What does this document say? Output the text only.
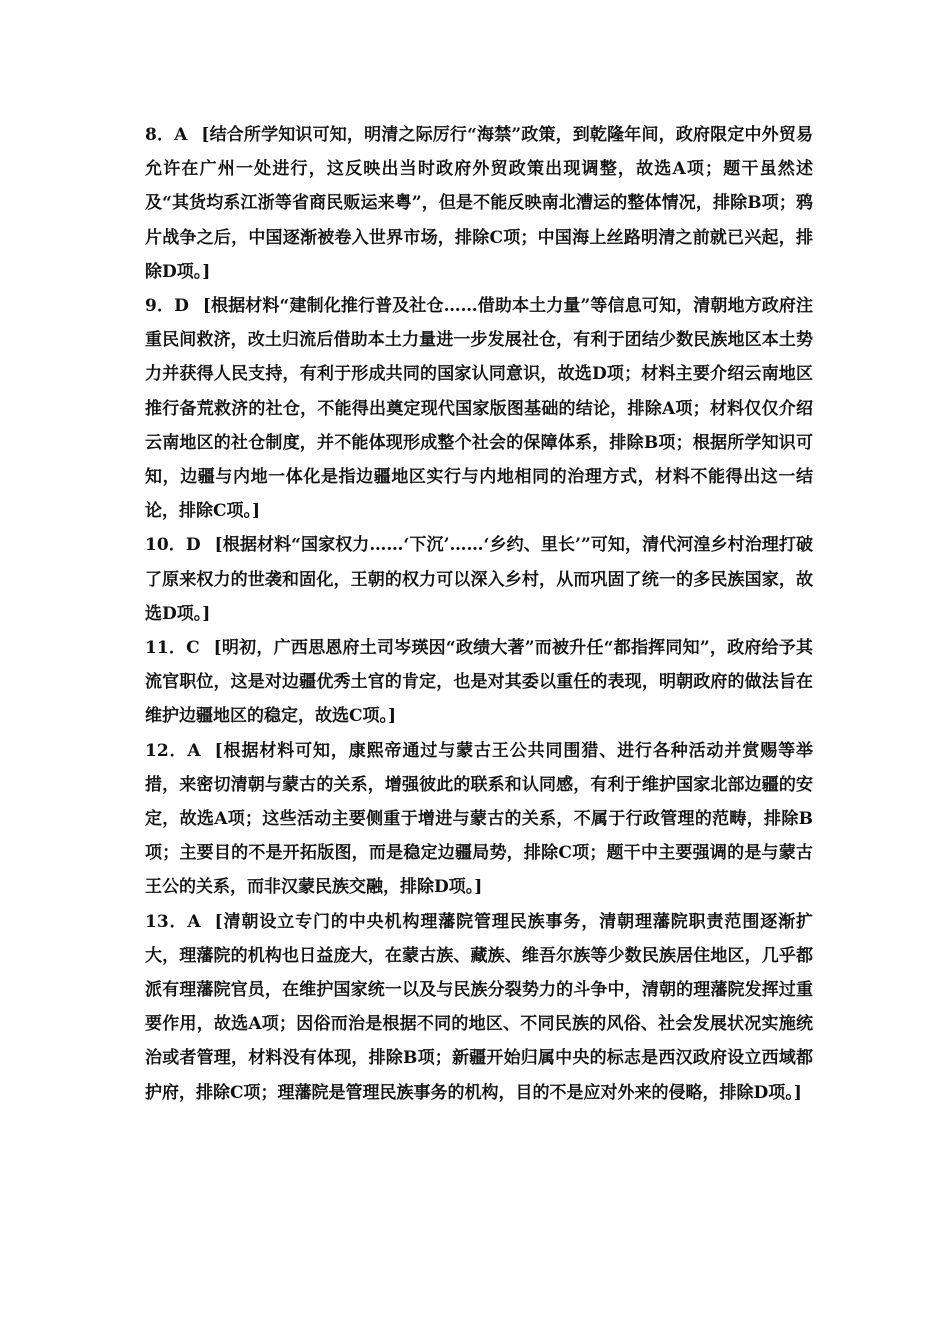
8．A [结合所学知识可知，明清之际厉行“海禁”政策，到乾隆年间，政府限定中外贸易允许在广州一处进行，这反映出当时政府外贸政策出现调整，故选A项；题干虽然述及“其货均系江浙等省商民贩运来粤”，但是不能反映南北漕运的整体情况，排除B项；鸦片战争之后，中国逐渐被卷入世界市场，排除C项；中国海上丝路明清之前就已兴起，排除D项。]

9．D [根据材料“建制化推行普及社仓……借助本土力量”等信息可知，清朝地方政府注重民间救济，改土归流后借助本土力量进一步发展社仓，有利于团结少数民族地区本土势力并获得人民支持，有利于形成共同的国家认同意识，故选D项；材料主要介绍云南地区推行备荒救济的社仓，不能得出奠定现代国家版图基础的结论，排除A项；材料仅仅介绍云南地区的社仓制度，并不能体现形成整个社会的保障体系，排除B项；根据所学知识可知，边疆与内地一体化是指边疆地区实行与内地相同的治理方式，材料不能得出这一结论，排除C项。]

10．D [根据材料“国家权力……‘下沉’……‘乡约、里长’”可知，清代河湟乡村治理打破了原来权力的世袭和固化，王朝的权力可以深入乡村，从而巩固了统一的多民族国家，故选D项。]

11．C [明初，广西思恩府土司岑瑛因“政绩大著”而被升任“都指挥同知”，政府给予其流官职位，这是对边疆优秀土官的肯定，也是对其委以重任的表现，明朝政府的做法旨在维护边疆地区的稳定，故选C项。]

12．A [根据材料可知，康熙帝通过与蒙古王公共同围猎、进行各种活动并赏赐等举措，来密切清朝与蒙古的关系，增强彼此的联系和认同感，有利于维护国家北部边疆的安定，故选A项；这些活动主要侧重于增进与蒙古的关系，不属于行政管理的范畴，排除B项；主要目的不是开拓版图，而是稳定边疆局势，排除C项；题干中主要强调的是与蒙古王公的关系，而非汉蒙民族交融，排除D项。]

13．A [清朝设立专门的中央机构理藩院管理民族事务，清朝理藩院职责范围逐渐扩大，理藩院的机构也日益庞大，在蒙古族、藏族、维吾尔族等少数民族居住地区，几乎都派有理藩院官员，在维护国家统一以及与民族分裂势力的斗争中，清朝的理藩院发挥过重要作用，故选A项；因俗而治是根据不同的地区、不同民族的风俗、社会发展状况实施统治或者管理，材料没有体现，排除B项；新疆开始归属中央的标志是西汉政府设立西域都护府，排除C项；理藩院是管理民族事务的机构，目的不是应对外来的侵略，排除D项。]
